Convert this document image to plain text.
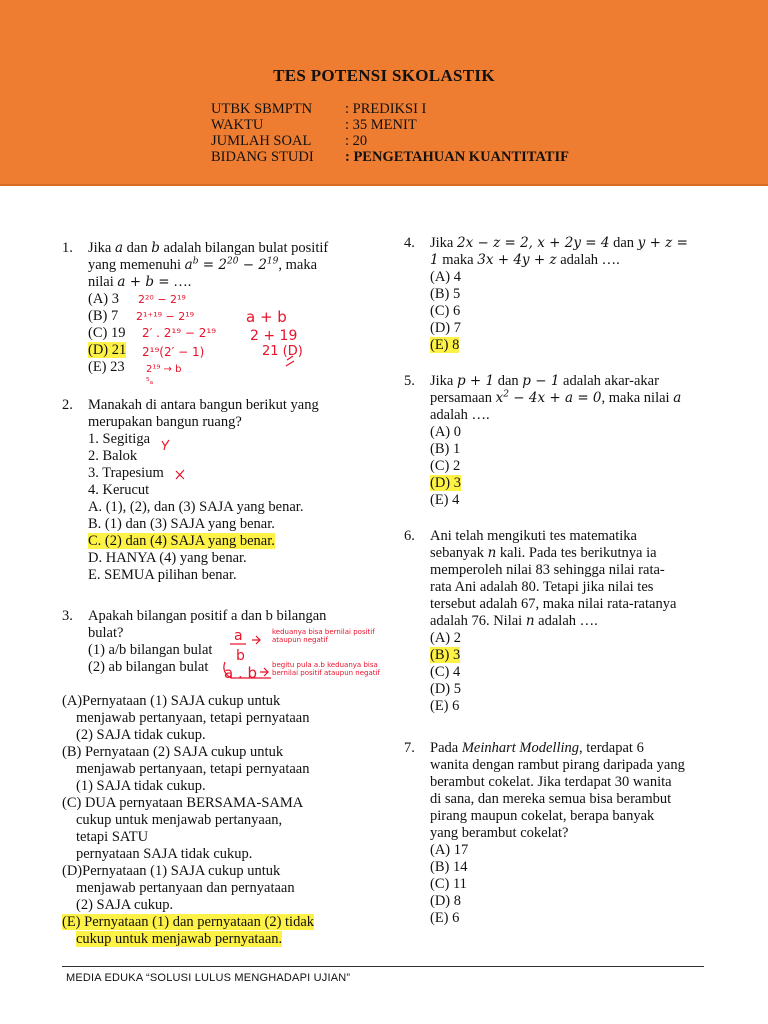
TES POTENSI SKOLASTIK
UTBK SBMPTN	: PREDIKSI I
WAKTU	: 35 MENIT
JUMLAH SOAL	: 20
BIDANG STUDI	: PENGETAHUAN KUANTITATIF
1.	Jika a dan b adalah bilangan bulat positif
yang memenuhi $a^b = 2^{20} - 2^{19}$, maka
nilai a + b = ….
(A) 3
(B) 7
(C) 19
(D) 21
(E) 23
2.	Manakah di antara bangun berikut yang
merupakan bangun ruang?
1. Segitiga
2. Balok
3. Trapesium
4. Kerucut
A. (1), (2), dan (3) SAJA yang benar.
B. (1) dan (3) SAJA yang benar.
C. (2) dan (4) SAJA yang benar.
D. HANYA (4) yang benar.
E. SEMUA pilihan benar.
3.	Apakah bilangan positif a dan b bilangan
bulat?
(1) a/b bilangan bulat
(2) ab bilangan bulat
(A)Pernyataan (1) SAJA cukup untuk
menjawab pertanyaan, tetapi pernyataan
(2) SAJA tidak cukup.
(B) Pernyataan (2) SAJA cukup untuk
menjawab pertanyaan, tetapi pernyataan
(1) SAJA tidak cukup.
(C) DUA pernyataan BERSAMA-SAMA
cukup untuk menjawab pertanyaan,
tetapi SATU
pernyataan SAJA tidak cukup.
(D)Pernyataan (1) SAJA cukup untuk
menjawab pertanyaan dan pernyataan
(2) SAJA cukup.
(E) Pernyataan (1) dan pernyataan (2) tidak
cukup untuk menjawab pernyataan.
4.	Jika 2x − z = 2, x + 2y = 4 dan y + z =
1 maka 3x + 4y + z adalah ….
(A) 4
(B) 5
(C) 6
(D) 7
(E) 8
5.	Jika p + 1 dan p − 1 adalah akar-akar
persamaan $x^2 - 4x + a = 0$, maka nilai a
adalah ….
(A) 0
(B) 1
(C) 2
(D) 3
(E) 4
6.	Ani telah mengikuti tes matematika
sebanyak n kali. Pada tes berikutnya ia
memperoleh nilai 83 sehingga nilai rata-
rata Ani adalah 80. Tetapi jika nilai tes
tersebut adalah 67, maka nilai rata-ratanya
adalah 76. Nilai n adalah ….
(A) 2
(B) 3
(C) 4
(D) 5
(E) 6
7.	Pada Meinhart Modelling, terdapat 6
wanita dengan rambut pirang daripada yang
berambut cokelat. Jika terdapat 30 wanita
di sana, dan mereka semua bisa berambut
pirang maupun cokelat, berapa banyak
yang berambut cokelat?
(A) 17
(B) 14
(C) 11
(D) 8
(E) 6
2²⁰ − 2¹⁹
2¹⁺¹⁹ − 2¹⁹
2′ . 2¹⁹ − 2¹⁹
2¹⁹(2′ − 1)
2¹⁹ → b
⁵ₐ
a + b
2 + 19
21 (D)
a
b
a . b
keduanya bisa bernilai positif
ataupun negatif
begitu pula a.b keduanya bisa
bernilai positif ataupun negatif
MEDIA EDUKA “SOLUSI LULUS MENGHADAPI UJIAN”
